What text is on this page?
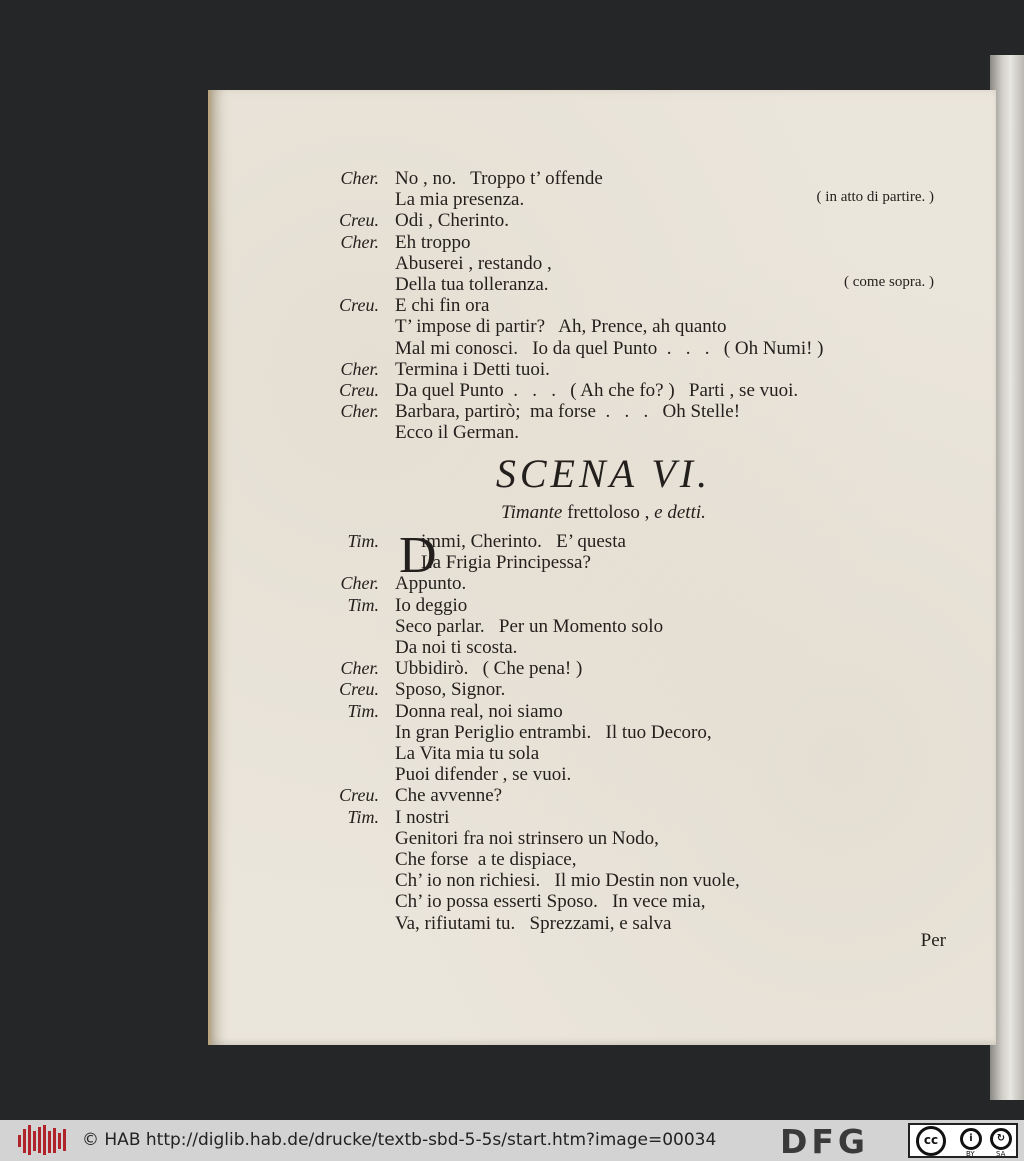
Cher. No , no.   Troppo t’ offende
La mia presenza.	( in atto di partire. )
Creu. Odi , Cherinto.
Cher. Eh troppo
Abuserei , restando ,
Della tua tolleranza.	( come sopra. )
Creu. E chi fin ora
T’ impose di partir?   Ah, Prence, ah quanto
Mal mi conosci.   Io da quel Punto  .   .   .   ( Oh Numi! )
Cher. Termina i Detti tuoi.
Creu. Da quel Punto  .   .   .   ( Ah che fo? )   Parti , se vuoi.
Cher. Barbara, partirò;  ma forse  .   .   .   Oh Stelle!
Ecco il German.
SCENA VI.
Timante frettoloso , e detti.
D
Tim. immi, Cherinto.   E’ questa
La Frigia Principessa?
Cher. Appunto.
Tim. Io deggio
Seco parlar.   Per un Momento solo
Da noi ti scosta.
Cher. Ubbidirò.   ( Che pena! )
Creu. Sposo, Signor.
Tim. Donna real, noi siamo
In gran Periglio entrambi.   Il tuo Decoro,
La Vita mia tu sola
Puoi difender , se vuoi.
Creu. Che avvenne?
Tim. I nostri
Genitori fra noi strinsero un Nodo,
Che forse  a te dispiace,
Ch’ io non richiesi.   Il mio Destin non vuole,
Ch’ io possa esserti Sposo.   In vece mia,
Va, rifiutami tu.   Sprezzami, e salva
Per
© HAB http://diglib.hab.de/drucke/textb-sbd-5-5s/start.htm?image=00034 DFG	cc	i	↻
BY	SA
